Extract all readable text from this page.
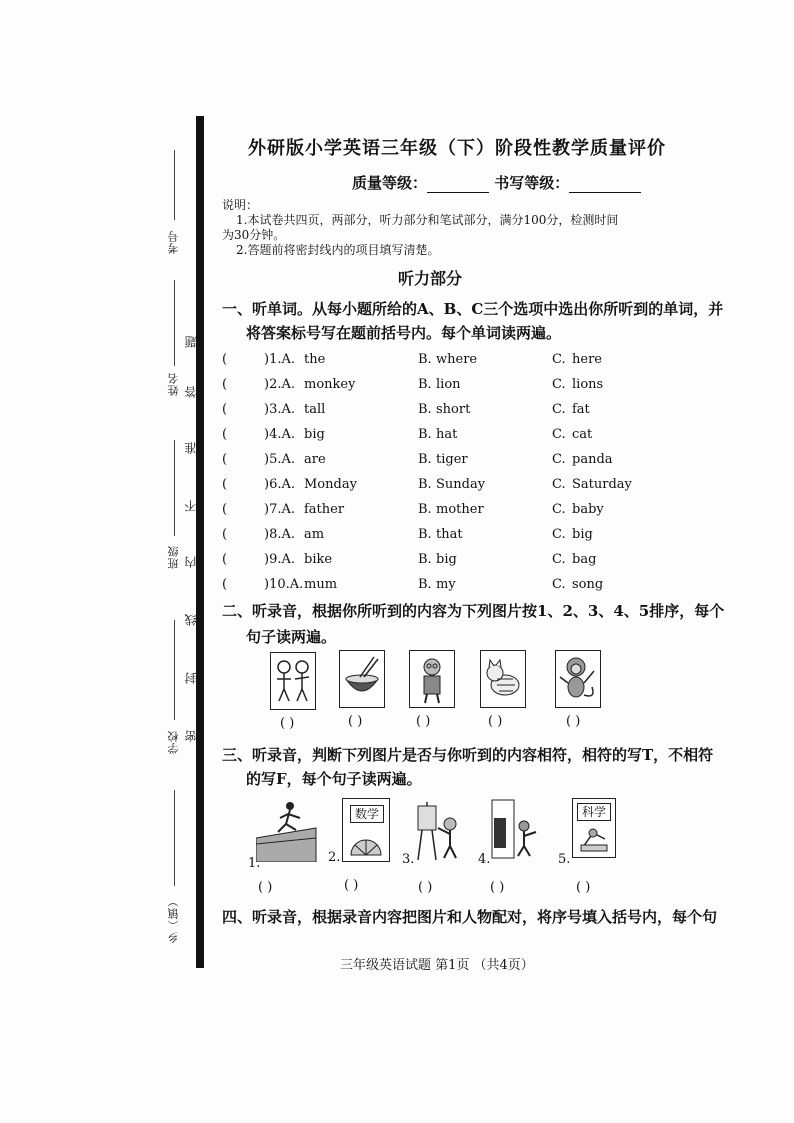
考号
姓名
班级
学校
乡（镇）
题
答
准
不
内
线
封
密
外研版小学英语三年级（下）阶段性教学质量评价
质量等级：	书写等级：
说明：
1.本试卷共四页，两部分，听力部分和笔试部分，满分100分，检测时间
为30分钟。
2.答题前将密封线内的项目填写清楚。
听力部分
一、听单词。从每小题所给的A、B、C三个选项中选出你所听到的单词，并
将答案标号写在题前括号内。每个单词读两遍。
(	)1.A. the	B. where	C. here
(	)2.A. monkey	B. lion	C. lions
(	)3.A. tall	B. short	C. fat
(	)4.A. big	B. hat	C. cat
(	)5.A. are	B. tiger	C. panda
(	)6.A. Monday	B. Sunday	C. Saturday
(	)7.A. father	B. mother	C. baby
(	)8.A. am	B. that	C. big
(	)9.A. bike	B. big	C. bag
(	)10.A. mum	B. my	C. song
二、听录音，根据你所听到的内容为下列图片按1、2、3、4、5排序，每个
句子读两遍。
( )	( )	( )	( )	( )
三、听录音，判断下列图片是否与你听到的内容相符，相符的写T，不相符
的写F，每个句子读两遍。
数学	科学
1.	2.	3.	4.	5.
( )	( )	( )	( )	( )
四、听录音，根据录音内容把图片和人物配对，将序号填入括号内，每个句
三年级英语试题 第1页 （共4页）
